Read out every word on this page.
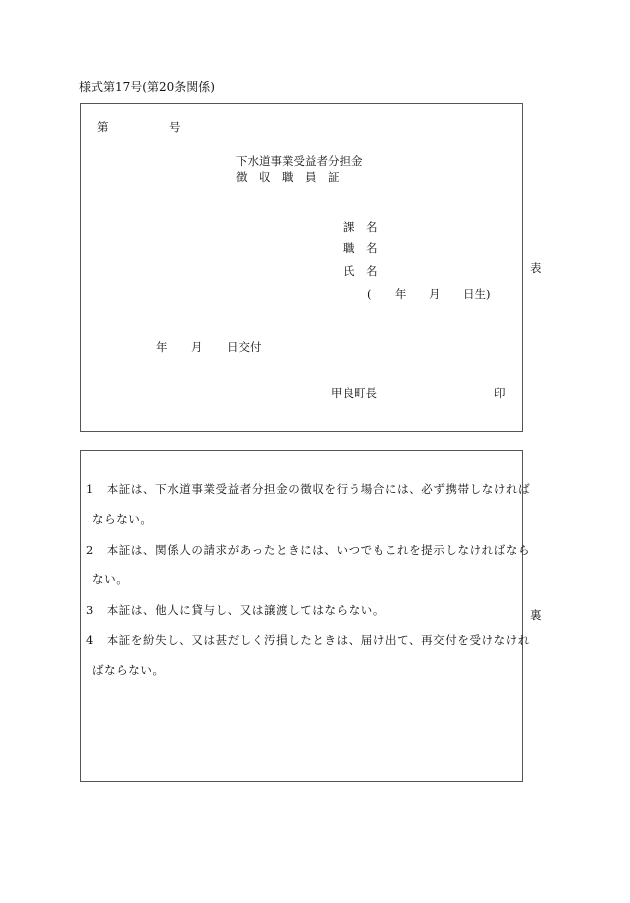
様式第17号(第20条関係)
第	号
下水道事業受益者分担金
徴　収　職　員　証
課　名
職　名
氏　名
( 年 月 日生)
年 月 日交付
甲良町長	印
表
1 本証は、下水道事業受益者分担金の徴収を行う場合には、必ず携帯しなければ
ならない。
2 本証は、関係人の請求があったときには、いつでもこれを提示しなければなら
ない。
3 本証は、他人に貸与し、又は譲渡してはならない。
4 本証を紛失し、又は甚だしく汚損したときは、届け出て、再交付を受けなけれ
ばならない。
裏
